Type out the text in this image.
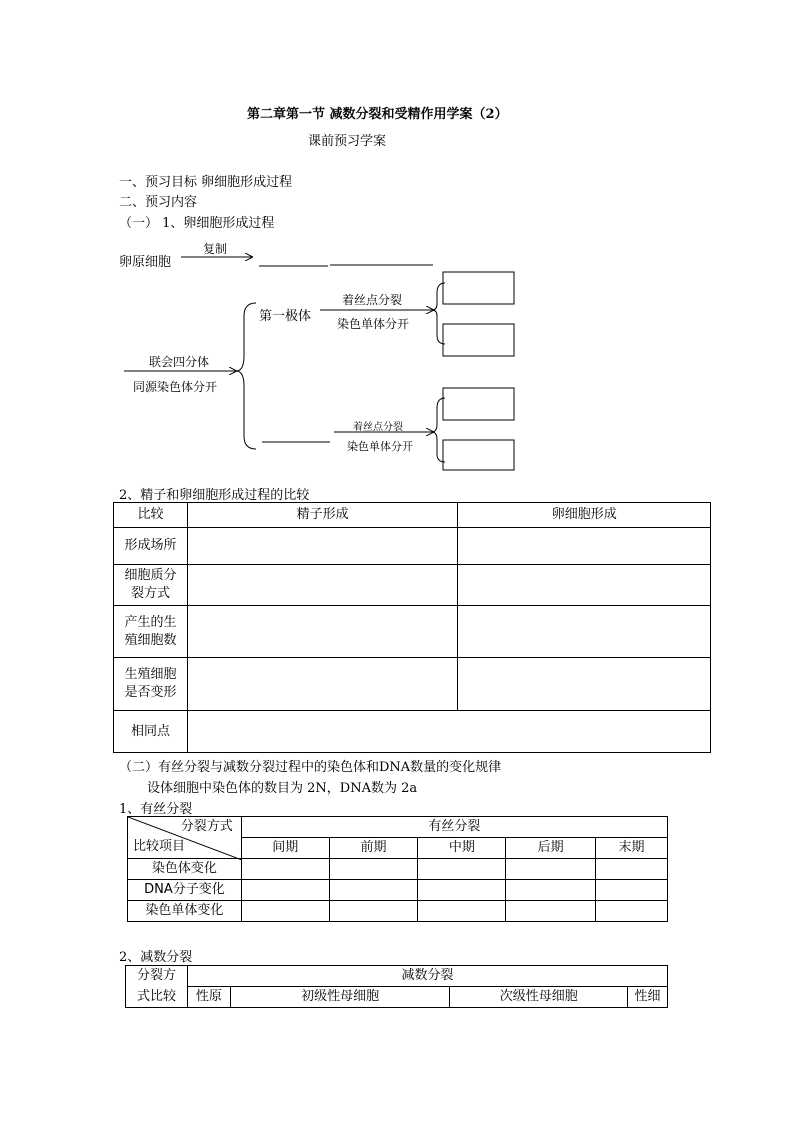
第二章第一节 减数分裂和受精作用学案（2）
课前预习学案
一、预习目标 卵细胞形成过程
二、预习内容
（一） 1、卵细胞形成过程
复制
卵原细胞
第一极体
着丝点分裂
染色单体分开
联会四分体
同源染色体分开
着丝点分裂
染色单体分开
2、精子和卵细胞形成过程的比较
比较	精子形成	卵细胞形成
形成场所		
细胞质分裂方式		
产生的生殖细胞数		
生殖细胞是否变形		
相同点		
（二）有丝分裂与减数分裂过程中的染色体和DNA数量的变化规律
设体细胞中染色体的数目为 2N，DNA数为 2a
1、有丝分裂
分裂方式
比较项目	有丝分裂				
	间期	前期	中期	后期	末期
染色体变化					
DNA分子变化					
染色单体变化					
2、减数分裂
分裂方	减数分裂			
式比较	性原	初级性母细胞	次级性母细胞	性细
